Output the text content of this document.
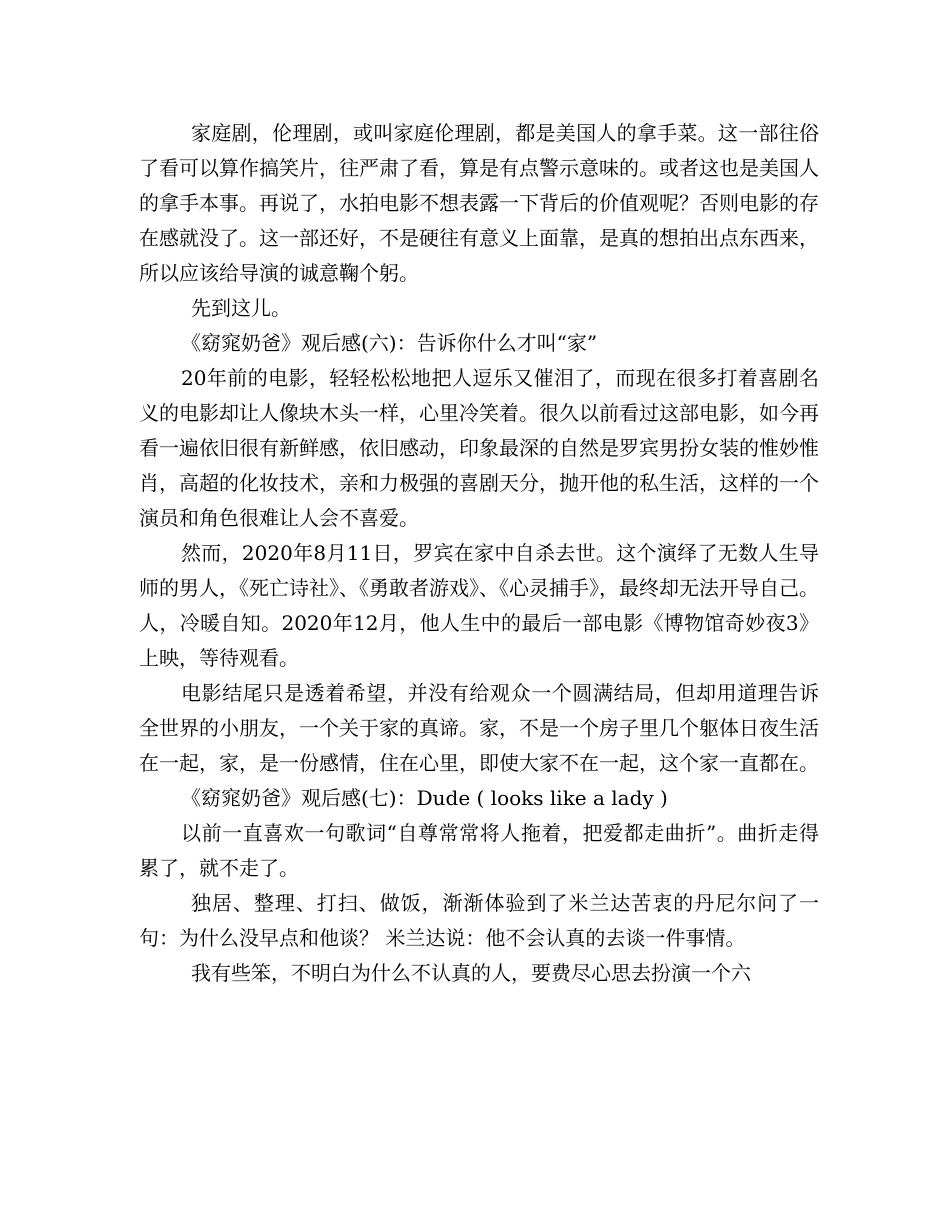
家庭剧，伦理剧，或叫家庭伦理剧，都是美国人的拿手菜。这一部往俗了看可以算作搞笑片，往严肃了看，算是有点警示意味的。或者这也是美国人的拿手本事。再说了，水拍电影不想表露一下背后的价值观呢？否则电影的存在感就没了。这一部还好，不是硬往有意义上面靠，是真的想拍出点东西来，所以应该给导演的诚意鞠个躬。

先到这儿。

《窈窕奶爸》观后感(六)：告诉你什么才叫“家”

20年前的电影，轻轻松松地把人逗乐又催泪了，而现在很多打着喜剧名义的电影却让人像块木头一样，心里冷笑着。很久以前看过这部电影，如今再看一遍依旧很有新鲜感，依旧感动，印象最深的自然是罗宾男扮女装的惟妙惟肖，高超的化妆技术，亲和力极强的喜剧天分，抛开他的私生活，这样的一个演员和角色很难让人会不喜爱。

然而，2020年8月11日，罗宾在家中自杀去世。这个演绎了无数人生导师的男人，《死亡诗社》、《勇敢者游戏》、《心灵捕手》，最终却无法开导自己。人，冷暖自知。2020年12月，他人生中的最后一部电影《博物馆奇妙夜3》上映，等待观看。

电影结尾只是透着希望，并没有给观众一个圆满结局，但却用道理告诉全世界的小朋友，一个关于家的真谛。家，不是一个房子里几个躯体日夜生活在一起，家，是一份感情，住在心里，即使大家不在一起，这个家一直都在。

《窈窕奶爸》观后感(七)：Dude ( looks like a lady )

以前一直喜欢一句歌词“自尊常常将人拖着，把爱都走曲折”。曲折走得累了，就不走了。

独居、整理、打扫、做饭，渐渐体验到了米兰达苦衷的丹尼尔问了一句：为什么没早点和他谈？ 米兰达说：他不会认真的去谈一件事情。

我有些笨，不明白为什么不认真的人，要费尽心思去扮演一个六
